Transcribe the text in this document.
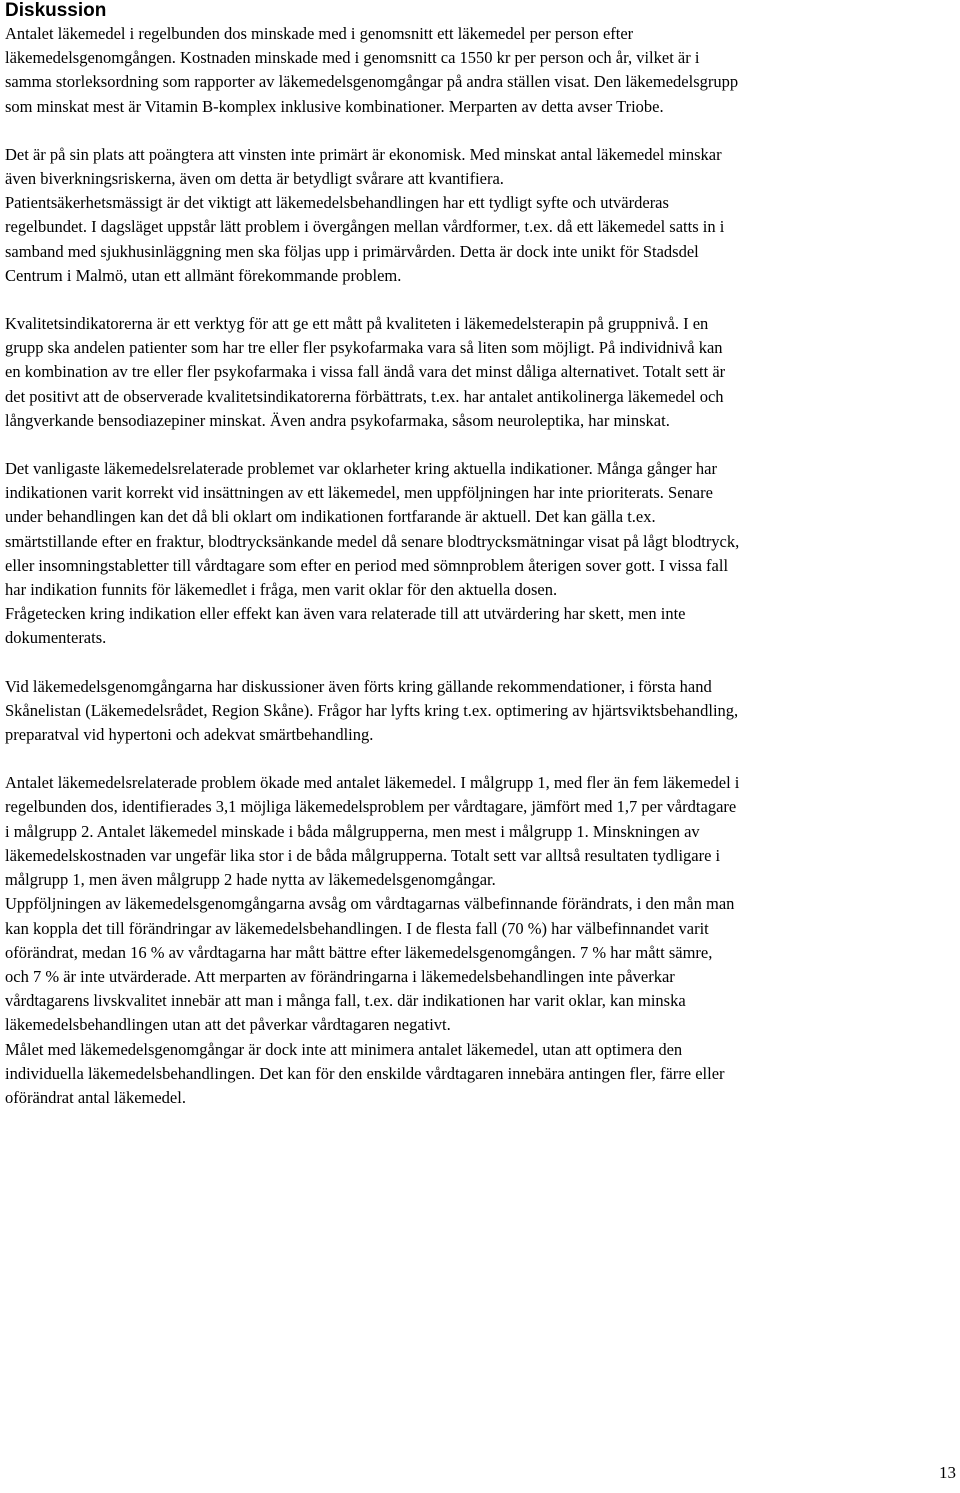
Diskussion

Antalet läkemedel i regelbunden dos minskade med i genomsnitt ett läkemedel per person efter
läkemedelsgenomgången. Kostnaden minskade med i genomsnitt ca 1550 kr per person och år, vilket är i
samma storleksordning som rapporter av läkemedelsgenomgångar på andra ställen visat. Den läkemedelsgrupp
som minskat mest är Vitamin B-komplex inklusive kombinationer. Merparten av detta avser Triobe.

Det är på sin plats att poängtera att vinsten inte primärt är ekonomisk. Med minskat antal läkemedel minskar
även biverkningsriskerna, även om detta är betydligt svårare att kvantifiera.
Patientsäkerhetsmässigt är det viktigt att läkemedelsbehandlingen har ett tydligt syfte och utvärderas
regelbundet. I dagsläget uppstår lätt problem i övergången mellan vårdformer, t.ex. då ett läkemedel satts in i
samband med sjukhusinläggning men ska följas upp i primärvården. Detta är dock inte unikt för Stadsdel
Centrum i Malmö, utan ett allmänt förekommande problem.

Kvalitetsindikatorerna är ett verktyg för att ge ett mått på kvaliteten i läkemedelsterapin på gruppnivå. I en
grupp ska andelen patienter som har tre eller fler psykofarmaka vara så liten som möjligt. På individnivå kan
en kombination av tre eller fler psykofarmaka i vissa fall ändå vara det minst dåliga alternativet. Totalt sett är
det positivt att de observerade kvalitetsindikatorerna förbättrats, t.ex. har antalet antikolinerga läkemedel och
långverkande bensodiazepiner minskat. Även andra psykofarmaka, såsom neuroleptika, har minskat.

Det vanligaste läkemedelsrelaterade problemet var oklarheter kring aktuella indikationer. Många gånger har
indikationen varit korrekt vid insättningen av ett läkemedel, men uppföljningen har inte prioriterats. Senare
under behandlingen kan det då bli oklart om indikationen fortfarande är aktuell. Det kan gälla t.ex.
smärtstillande efter en fraktur, blodtrycksänkande medel då senare blodtrycksmätningar visat på lågt blodtryck,
eller insomningstabletter till vårdtagare som efter en period med sömnproblem återigen sover gott. I vissa fall
har indikation funnits för läkemedlet i fråga, men varit oklar för den aktuella dosen.
Frågetecken kring indikation eller effekt kan även vara relaterade till att utvärdering har skett, men inte
dokumenterats.

Vid läkemedelsgenomgångarna har diskussioner även förts kring gällande rekommendationer, i första hand
Skånelistan (Läkemedelsrådet, Region Skåne). Frågor har lyfts kring t.ex. optimering av hjärtsviktsbehandling,
preparatval vid hypertoni och adekvat smärtbehandling.

Antalet läkemedelsrelaterade problem ökade med antalet läkemedel. I målgrupp 1, med fler än fem läkemedel i
regelbunden dos, identifierades 3,1 möjliga läkemedelsproblem per vårdtagare, jämfört med 1,7 per vårdtagare
i målgrupp 2. Antalet läkemedel minskade i båda målgrupperna, men mest i målgrupp 1. Minskningen av
läkemedelskostnaden var ungefär lika stor i de båda målgrupperna. Totalt sett var alltså resultaten tydligare i
målgrupp 1, men även målgrupp 2 hade nytta av läkemedelsgenomgångar.
Uppföljningen av läkemedelsgenomgångarna avsåg om vårdtagarnas välbefinnande förändrats, i den mån man
kan koppla det till förändringar av läkemedelsbehandlingen. I de flesta fall (70 %) har välbefinnandet varit
oförändrat, medan 16 % av vårdtagarna har mått bättre efter läkemedelsgenomgången. 7 % har mått sämre,
och 7 % är inte utvärderade. Att merparten av förändringarna i läkemedelsbehandlingen inte påverkar
vårdtagarens livskvalitet innebär att man i många fall, t.ex. där indikationen har varit oklar, kan minska
läkemedelsbehandlingen utan att det påverkar vårdtagaren negativt.
Målet med läkemedelsgenomgångar är dock inte att minimera antalet läkemedel, utan att optimera den
individuella läkemedelsbehandlingen. Det kan för den enskilde vårdtagaren innebära antingen fler, färre eller
oförändrat antal läkemedel.

13
